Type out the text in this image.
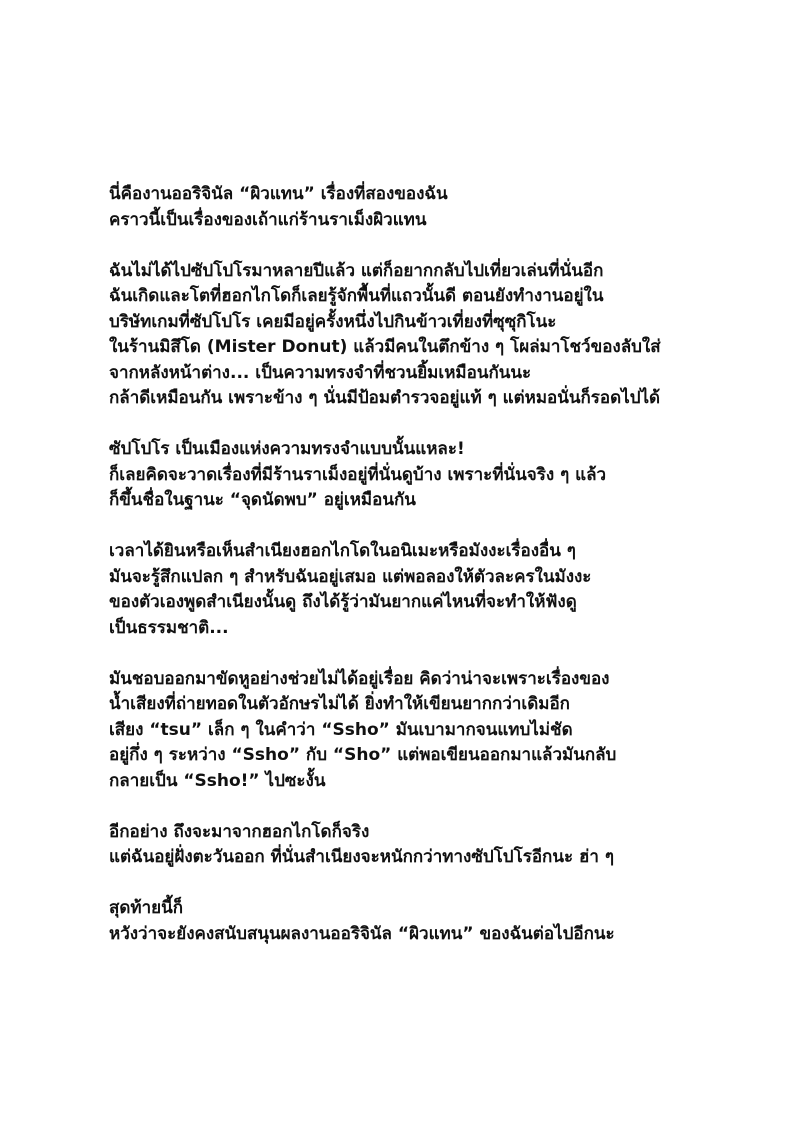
นี่คืองานออริจินัล “ผิวแทน” เรื่องที่สองของฉัน
คราวนี้เป็นเรื่องของเถ้าแก่ร้านราเม็งผิวแทน

ฉันไม่ได้ไปซัปโปโรมาหลายปีแล้ว แต่ก็อยากกลับไปเที่ยวเล่นที่นั่นอีก
ฉันเกิดและโตที่ฮอกไกโดก็เลยรู้จักพื้นที่แถวนั้นดี ตอนยังทำงานอยู่ใน
บริษัทเกมที่ซัปโปโร เคยมีอยู่ครั้งหนึ่งไปกินข้าวเที่ยงที่ซุซุกิโนะ
ในร้านมิสึโด (Mister Donut) แล้วมีคนในตึกข้าง ๆ โผล่มาโชว์ของลับใส่
จากหลังหน้าต่าง... เป็นความทรงจำที่ชวนยิ้มเหมือนกันนะ
กล้าดีเหมือนกัน เพราะข้าง ๆ นั่นมีป้อมตำรวจอยู่แท้ ๆ แต่หมอนั่นก็รอดไปได้

ซัปโปโร เป็นเมืองแห่งความทรงจำแบบนั้นแหละ!
ก็เลยคิดจะวาดเรื่องที่มีร้านราเม็งอยู่ที่นั่นดูบ้าง เพราะที่นั่นจริง ๆ แล้ว
ก็ขึ้นชื่อในฐานะ “จุดนัดพบ” อยู่เหมือนกัน

เวลาได้ยินหรือเห็นสำเนียงฮอกไกโดในอนิเมะหรือมังงะเรื่องอื่น ๆ
มันจะรู้สึกแปลก ๆ สำหรับฉันอยู่เสมอ แต่พอลองให้ตัวละครในมังงะ
ของตัวเองพูดสำเนียงนั้นดู ถึงได้รู้ว่ามันยากแค่ไหนที่จะทำให้ฟังดู
เป็นธรรมชาติ...

มันชอบออกมาขัดหูอย่างช่วยไม่ได้อยู่เรื่อย คิดว่าน่าจะเพราะเรื่องของ
น้ำเสียงที่ถ่ายทอดในตัวอักษรไม่ได้ ยิ่งทำให้เขียนยากกว่าเดิมอีก
เสียง “tsu” เล็ก ๆ ในคำว่า “Ssho” มันเบามากจนแทบไม่ชัด
อยู่กึ่ง ๆ ระหว่าง “Ssho” กับ “Sho” แต่พอเขียนออกมาแล้วมันกลับ
กลายเป็น “Ssho!” ไปซะงั้น

อีกอย่าง ถึงจะมาจากฮอกไกโดก็จริง
แต่ฉันอยู่ฝั่งตะวันออก ที่นั่นสำเนียงจะหนักกว่าทางซัปโปโรอีกนะ ฮ่า ๆ

สุดท้ายนี้ก็
หวังว่าจะยังคงสนับสนุนผลงานออริจินัล “ผิวแทน” ของฉันต่อไปอีกนะ
